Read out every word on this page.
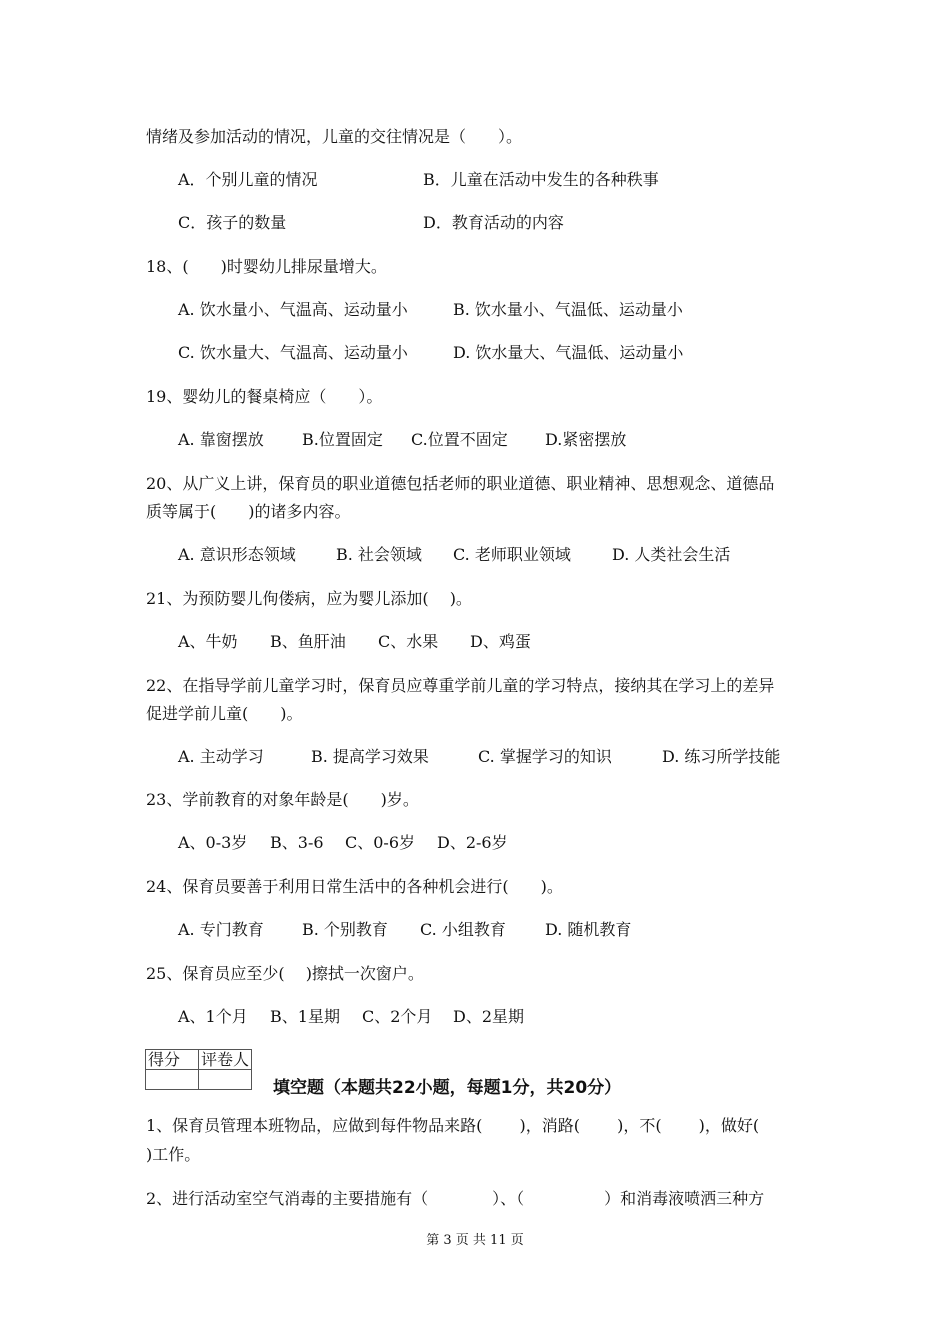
情绪及参加活动的情况，儿童的交往情况是（　　）。
A．个别儿童的情况	B．儿童在活动中发生的各种秩事
C．孩子的数量	D．教育活动的内容
18、(　　)时婴幼儿排尿量增大。
A. 饮水量小、气温高、运动量小	B. 饮水量小、气温低、运动量小
C. 饮水量大、气温高、运动量小	D. 饮水量大、气温低、运动量小
19、婴幼儿的餐桌椅应（　　）。
A. 靠窗摆放 B.位置固定 C.位置不固定 D.紧密摆放
20、从广义上讲，保育员的职业道德包括老师的职业道德、职业精神、思想观念、道德品
质等属于(　　)的诸多内容。
A. 意识形态领域	B. 社会领域 C. 老师职业领域	D. 人类社会生活
21、为预防婴儿佝偻病，应为婴儿添加(　 )。
A、牛奶 B、鱼肝油 C、水果 D、鸡蛋
22、在指导学前儿童学习时，保育员应尊重学前儿童的学习特点，接纳其在学习上的差异
促进学前儿童(　　)。
A. 主动学习	B. 提高学习效果	C. 掌握学习的知识	D. 练习所学技能
23、学前教育的对象年龄是(　　)岁。
A、0-3岁 B、3-6 C、0-6岁 D、2-6岁
24、保育员要善于利用日常生活中的各种机会进行(　　)。
A. 专门教育 B. 个别教育 C. 小组教育 D. 随机教育
25、保育员应至少(　 )擦拭一次窗户。
A、1个月 B、1星期 C、2个月 D、2星期
得分	评卷人

填空题（本题共22小题，每题1分，共20分）
1、保育员管理本班物品，应做到每件物品来路(　　 )，消路(　　 )，不(　　 )，做好(
)工作。
2、进行活动室空气消毒的主要措施有（　　　　）、（　　　　　）和消毒液喷洒三种方
第 3 页 共 11 页
